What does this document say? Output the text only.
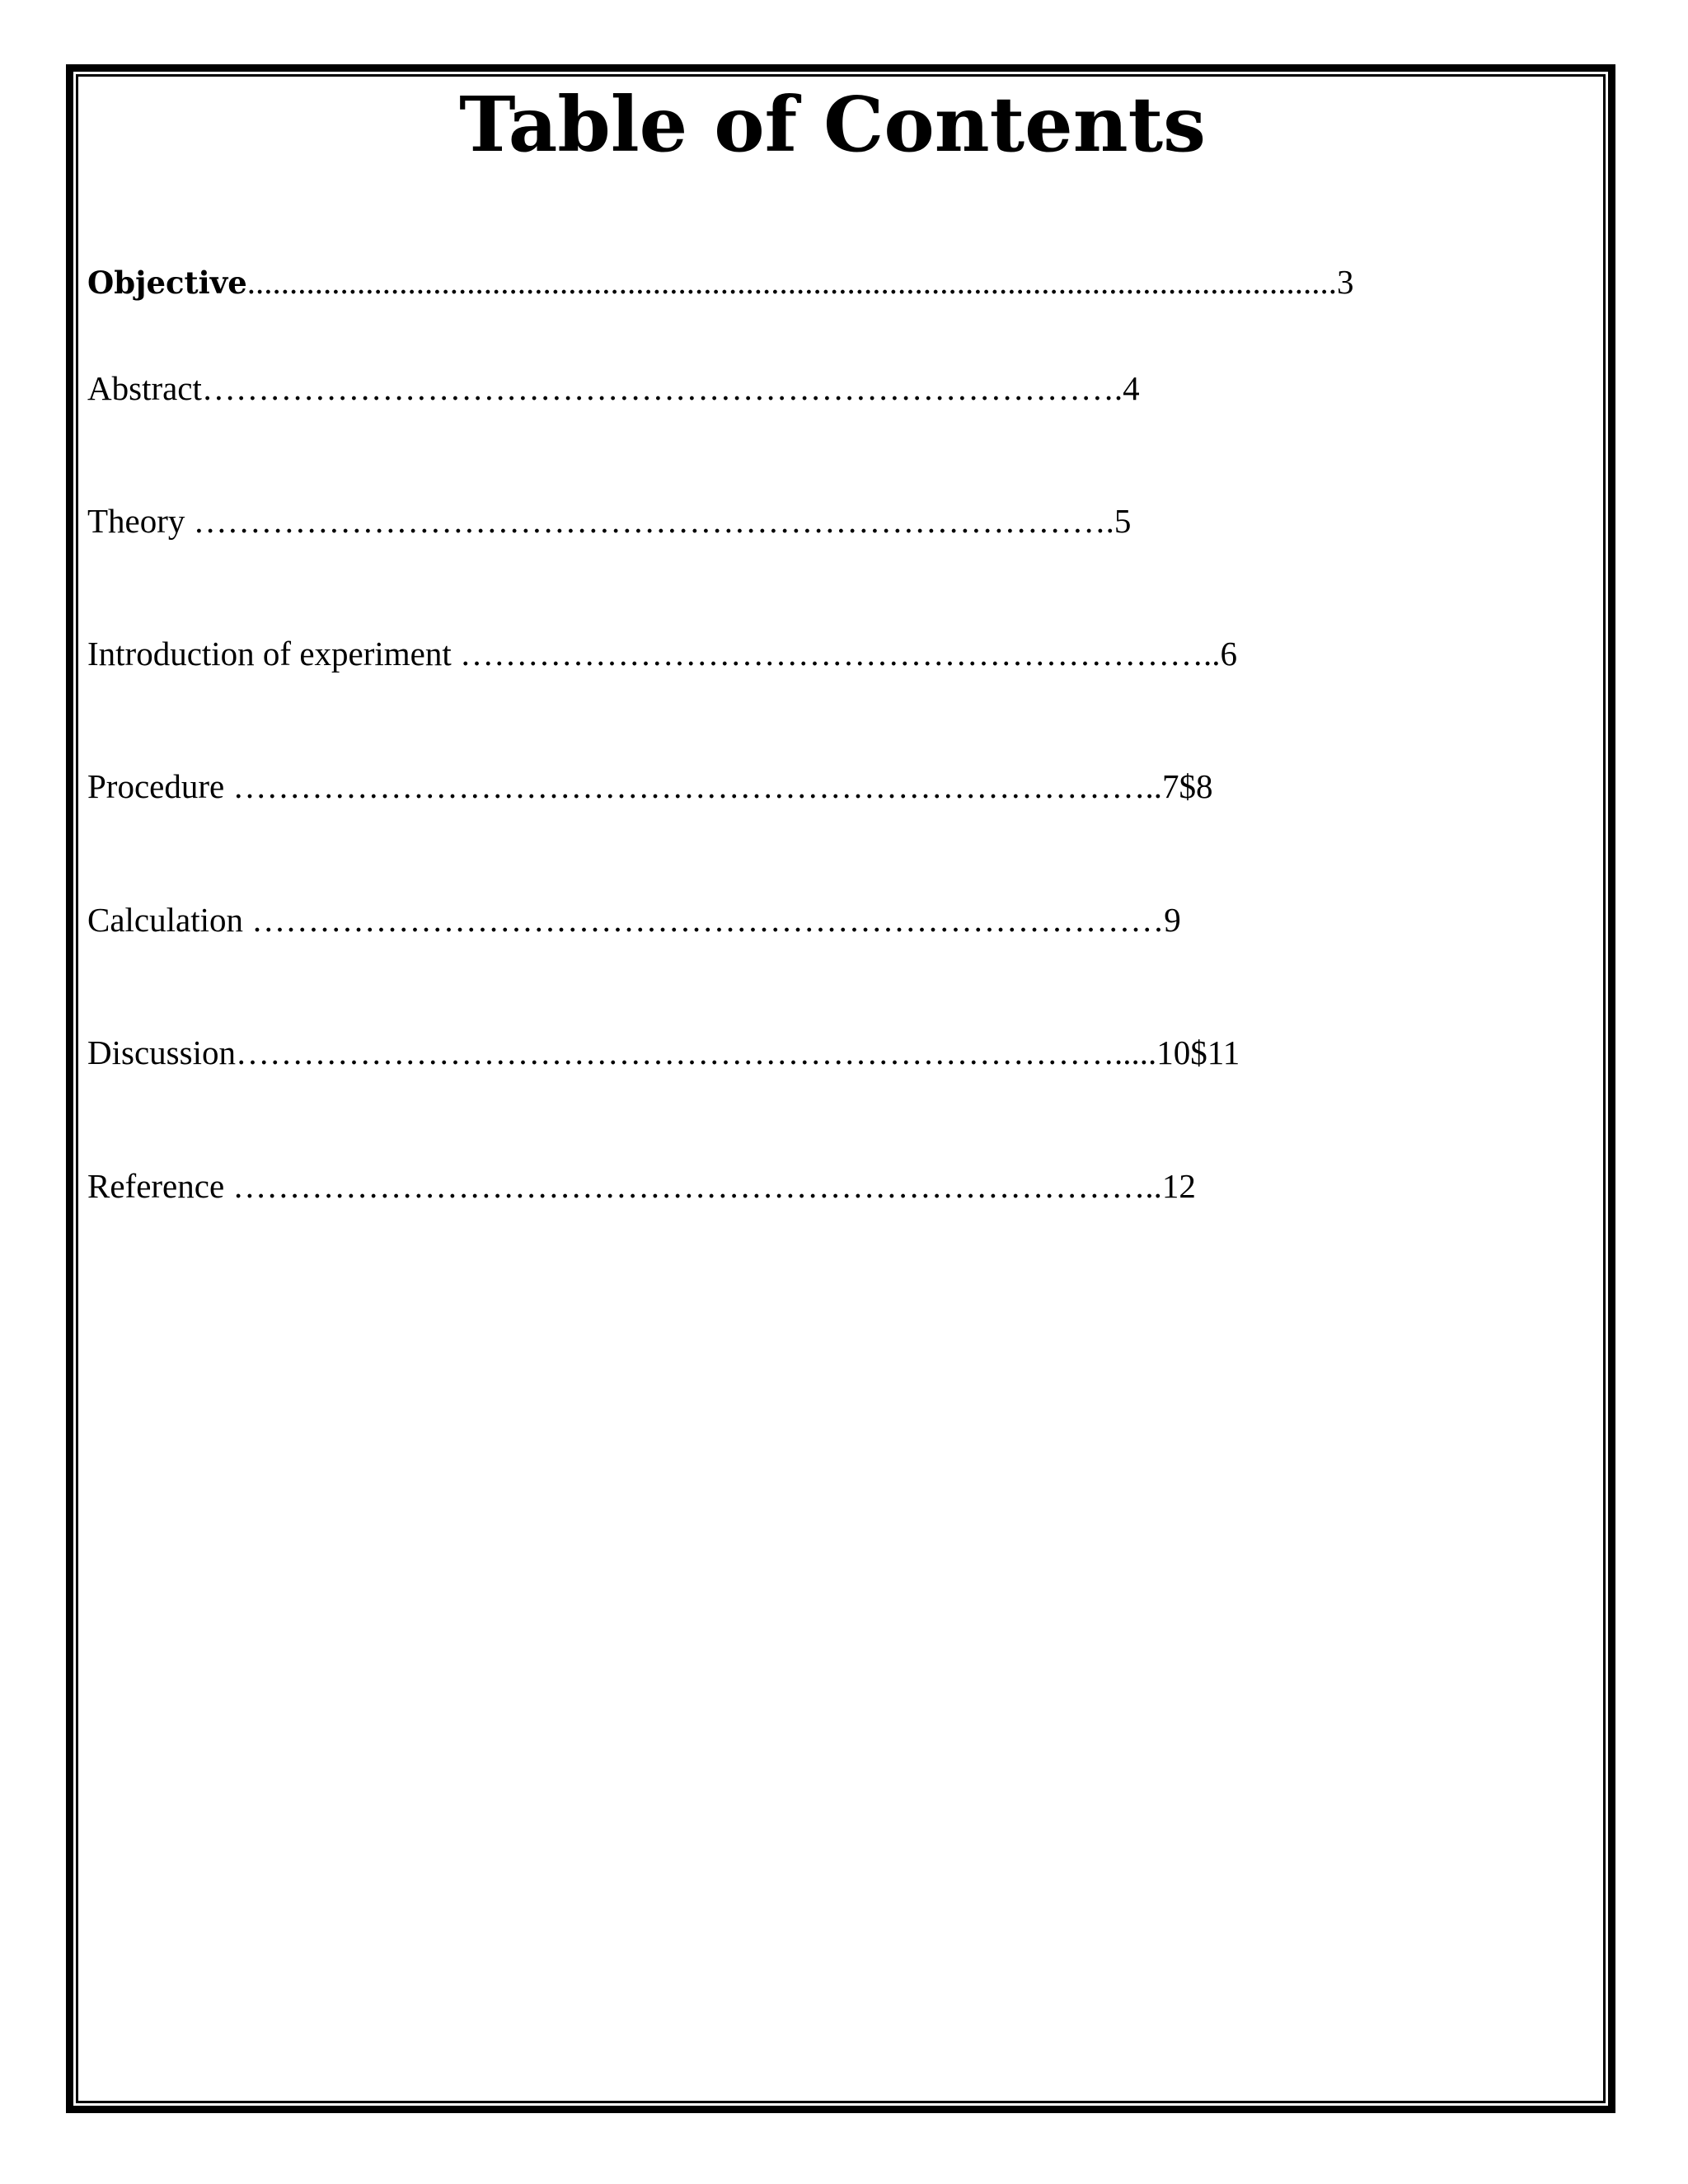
Table of Contents
Objective.................................................................................................................................3
Abstract……………………………………………………………………….4
Theory ……………………………………………………………………….5
Introduction of experiment …………………………………………………………..6
Procedure ………………………………………………………………………..7$8
Calculation ………………………………………………………………………9
Discussion…………………………………………………………………….....10$11
Reference ………………………………………………………………………..12
